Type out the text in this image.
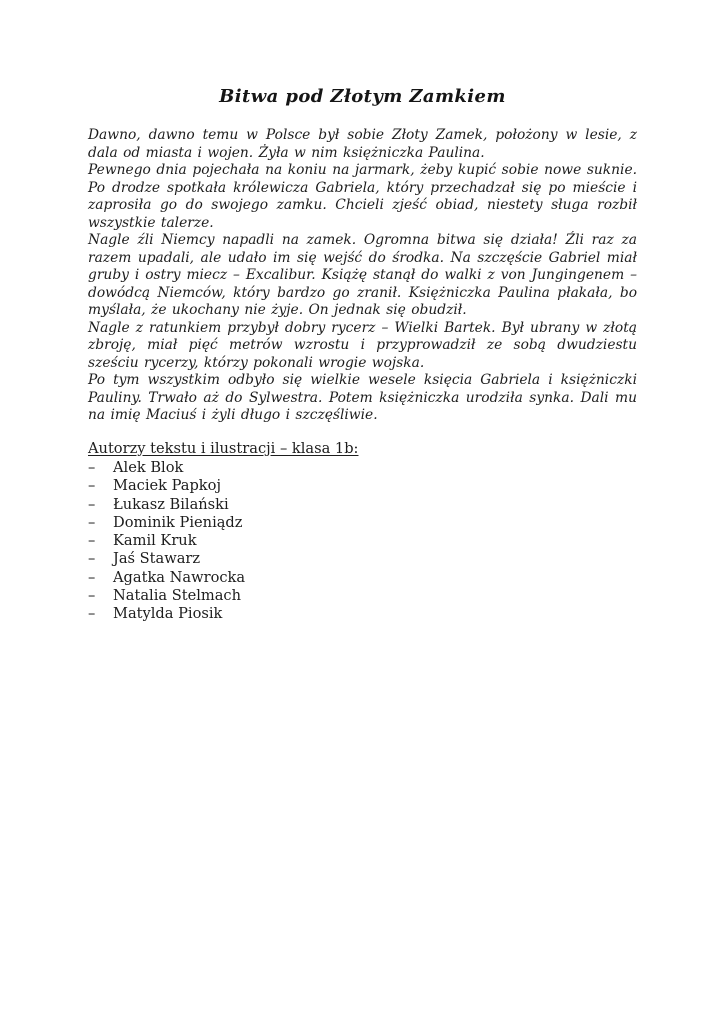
Bitwa pod Złotym Zamkiem

Dawno, dawno temu w Polsce był sobie Złoty Zamek, położony w lesie, z dala od miasta i wojen. Żyła w nim księżniczka Paulina.

Pewnego dnia pojechała na koniu na jarmark, żeby kupić sobie nowe suknie. Po drodze spotkała królewicza Gabriela, który przechadzał się po mieście i zaprosiła go do swojego zamku. Chcieli zjeść obiad, niestety sługa rozbił wszystkie talerze.

Nagle źli Niemcy napadli na zamek. Ogromna bitwa się działa! Źli raz za razem upadali, ale udało im się wejść do środka. Na szczęście Gabriel miał gruby i ostry miecz – Excalibur. Książę stanął do walki z von Jungingenem – dowódcą Niemców, który bardzo go zranił. Księżniczka Paulina płakała, bo myślała, że ukochany nie żyje. On jednak się obudził.

Nagle z ratunkiem przybył dobry rycerz – Wielki Bartek. Był ubrany w złotą zbroję, miał pięć metrów wzrostu i przyprowadził ze sobą dwudziestu sześciu rycerzy, którzy pokonali wrogie wojska.

Po tym wszystkim odbyło się wielkie wesele księcia Gabriela i księżniczki Pauliny. Trwało aż do Sylwestra. Potem księżniczka urodziła synka. Dali mu na imię Maciuś i żyli długo i szczęśliwie.

Autorzy tekstu i ilustracji – klasa 1b:
–	Alek Blok
–	Maciek Papkoj
–	Łukasz Bilański
–	Dominik Pieniądz
–	Kamil Kruk
–	Jaś Stawarz
–	Agatka Nawrocka
–	Natalia Stelmach
–	Matylda Piosik
